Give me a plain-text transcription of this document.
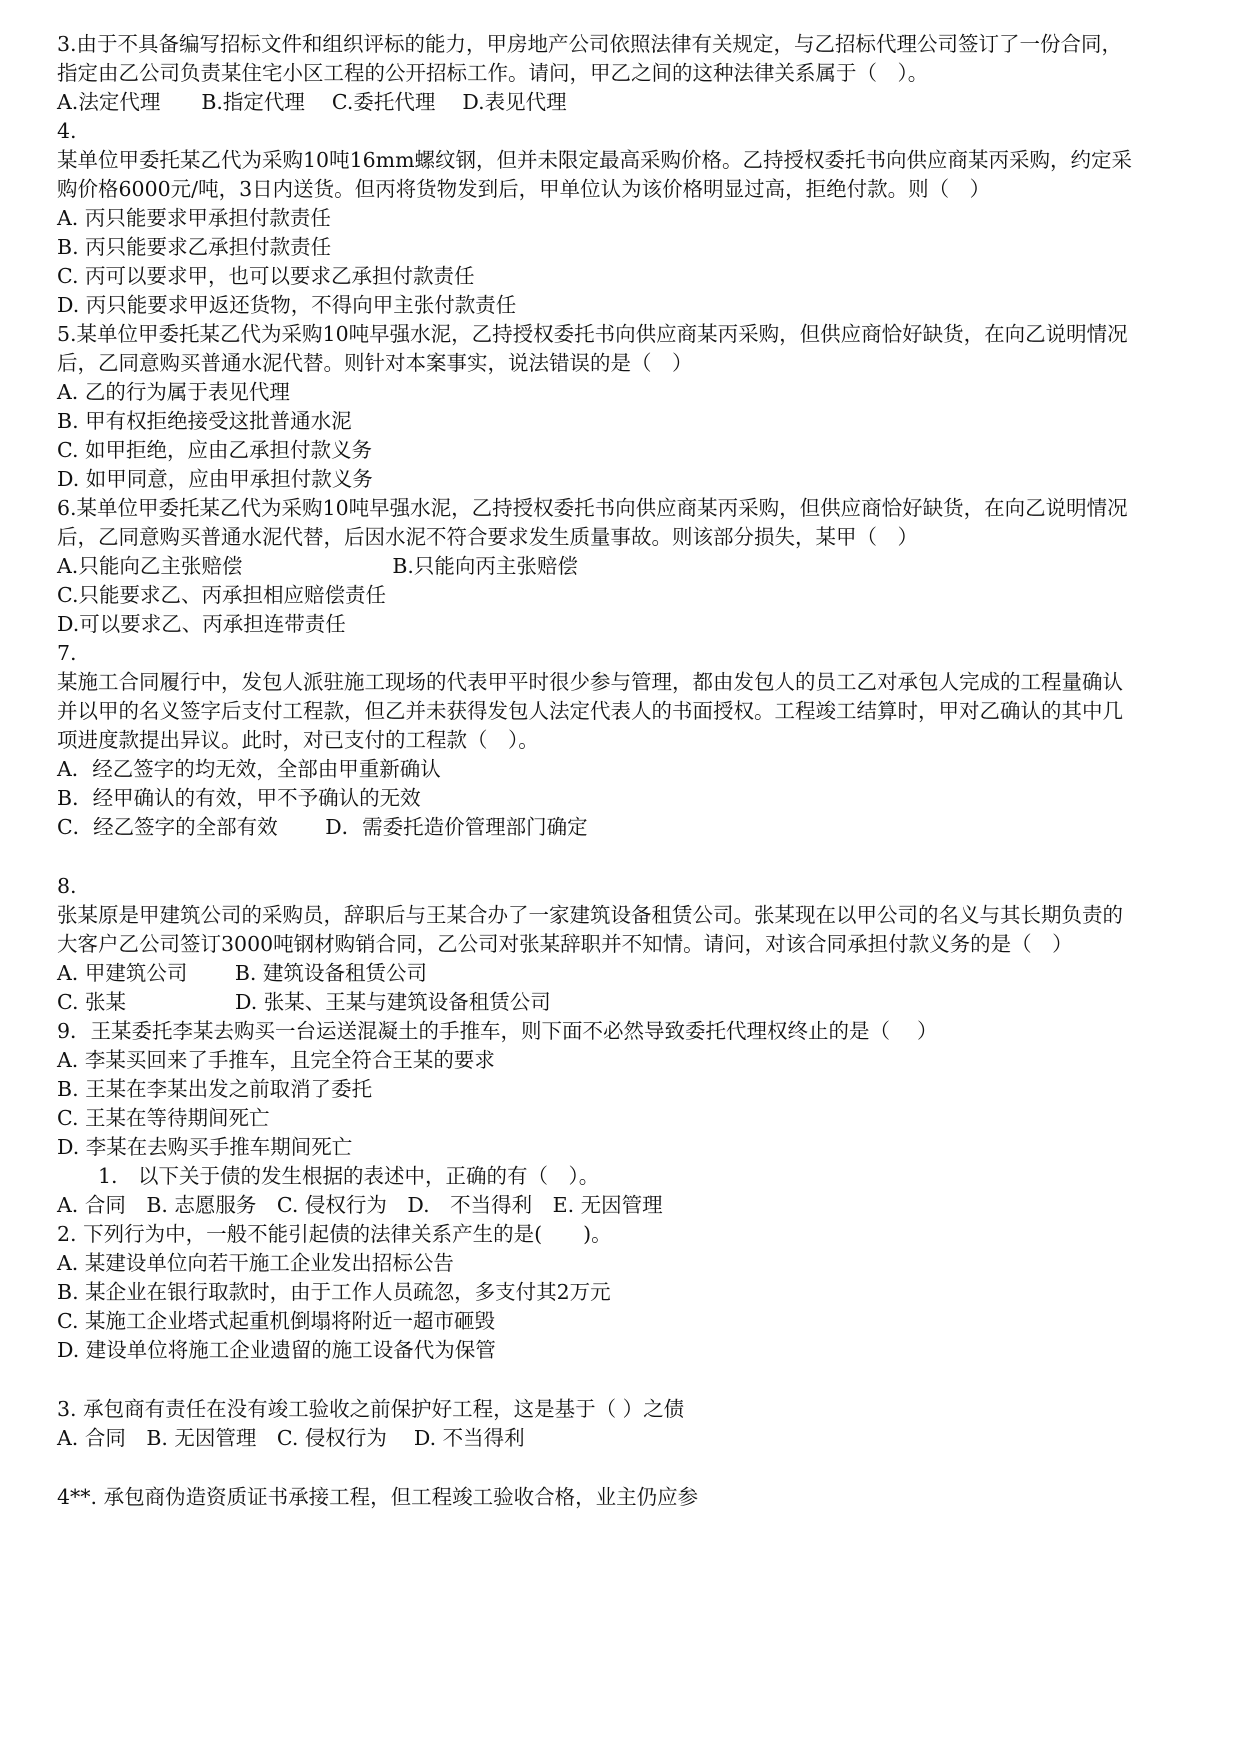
3.由于不具备编写招标文件和组织评标的能力，甲房地产公司依照法律有关规定，与乙招标代理公司签订了一份合同，
指定由乙公司负责某住宅小区工程的公开招标工作。请问，甲乙之间的这种法律关系属于（　）。
A.法定代理　　B.指定代理　 C.委托代理　 D.表见代理
4.
某单位甲委托某乙代为采购10吨16mm螺纹钢，但并未限定最高采购价格。乙持授权委托书向供应商某丙采购，约定采
购价格6000元/吨，3日内送货。但丙将货物发到后，甲单位认为该价格明显过高，拒绝付款。则（　）
A. 丙只能要求甲承担付款责任
B. 丙只能要求乙承担付款责任
C. 丙可以要求甲，也可以要求乙承担付款责任
D. 丙只能要求甲返还货物，不得向甲主张付款责任
5.某单位甲委托某乙代为采购10吨早强水泥，乙持授权委托书向供应商某丙采购，但供应商恰好缺货，在向乙说明情况
后，乙同意购买普通水泥代替。则针对本案事实，说法错误的是（　）
A. 乙的行为属于表见代理
B. 甲有权拒绝接受这批普通水泥
C. 如甲拒绝，应由乙承担付款义务
D. 如甲同意，应由甲承担付款义务
6.某单位甲委托某乙代为采购10吨早强水泥，乙持授权委托书向供应商某丙采购，但供应商恰好缺货，在向乙说明情况
后，乙同意购买普通水泥代替，后因水泥不符合要求发生质量事故。则该部分损失，某甲（　）
A.只能向乙主张赔偿　　　　　　　 B.只能向丙主张赔偿
C.只能要求乙、丙承担相应赔偿责任
D.可以要求乙、丙承担连带责任
7.
某施工合同履行中，发包人派驻施工现场的代表甲平时很少参与管理，都由发包人的员工乙对承包人完成的工程量确认
并以甲的名义签字后支付工程款，但乙并未获得发包人法定代表人的书面授权。工程竣工结算时，甲对乙确认的其中几
项进度款提出异议。此时，对已支付的工程款（　）。
A．经乙签字的均无效，全部由甲重新确认
B．经甲确认的有效，甲不予确认的无效
C．经乙签字的全部有效　　 D．需委托造价管理部门确定
8.
张某原是甲建筑公司的采购员，辞职后与王某合办了一家建筑设备租赁公司。张某现在以甲公司的名义与其长期负责的
大客户乙公司签订3000吨钢材购销合同，乙公司对张某辞职并不知情。请问，对该合同承担付款义务的是（　）
A. 甲建筑公司　　 B. 建筑设备租赁公司
C. 张某　　　　　 D. 张某、王某与建筑设备租赁公司
9．王某委托李某去购买一台运送混凝土的手推车，则下面不必然导致委托代理权终止的是（　 ）
A. 李某买回来了手推车，且完全符合王某的要求
B. 王某在李某出发之前取消了委托
C. 王某在等待期间死亡
D. 李某在去购买手推车期间死亡
　　1.　以下关于债的发生根据的表述中，正确的有（　）。
A. 合同　B. 志愿服务　C. 侵权行为　D.　不当得利　E. 无因管理
2. 下列行为中，一般不能引起债的法律关系产生的是(　　)。
A. 某建设单位向若干施工企业发出招标公告
B. 某企业在银行取款时，由于工作人员疏忽，多支付其2万元
C. 某施工企业塔式起重机倒塌将附近一超市砸毁
D. 建设单位将施工企业遗留的施工设备代为保管
3. 承包商有责任在没有竣工验收之前保护好工程，这是基于（ ）之债
A. 合同　B. 无因管理　C. 侵权行为　 D. 不当得利
4**. 承包商伪造资质证书承接工程，但工程竣工验收合格，业主仍应参
